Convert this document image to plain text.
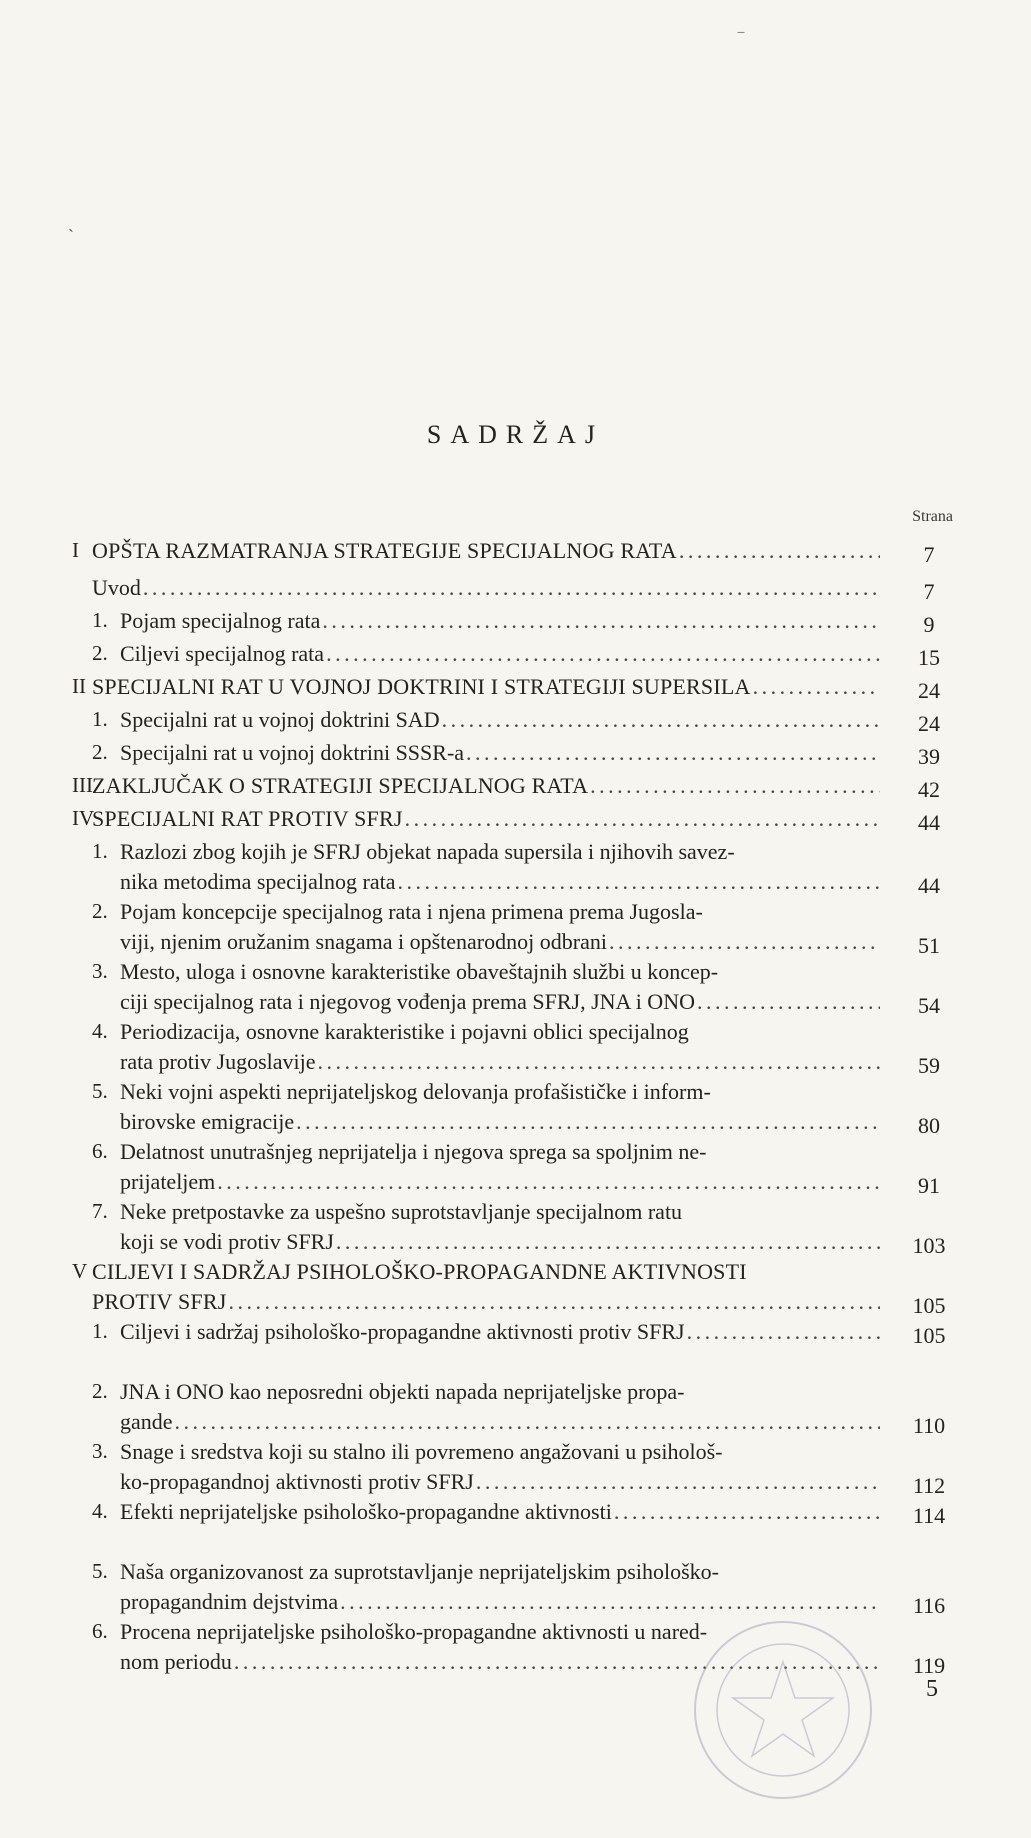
‾
ˏ
SADRŽAJ
Strana
I OPŠTA RAZMATRANJA STRATEGIJE SPECIJALNOG RATA . . .	7
Uvod . . .	7
1. Pojam specijalnog rata . . .	9
2. Ciljevi specijalnog rata . . .	15
II SPECIJALNI RAT U VOJNOJ DOKTRINI I STRATEGIJI SUPERSILA . . .	24
1. Specijalni rat u vojnoj doktrini SAD . . .	24
2. Specijalni rat u vojnoj doktrini SSSR-a . . .	39
III ZAKLJUČAK O STRATEGIJI SPECIJALNOG RATA . . .	42
IV
SPECIJALNI RAT PROTIV SFRJ . . .	44
1. Razlozi zbog kojih je SFRJ objekat napada supersila i njihovih savez-
nika metodima specijalnog rata . . .	44
2. Pojam koncepcije specijalnog rata i njena primena prema Jugosla-
viji, njenim oružanim snagama i opštenarodnoj odbrani . . .	51
3. Mesto, uloga i osnovne karakteristike obaveštajnih službi u koncep-
ciji specijalnog rata i njegovog vođenja prema SFRJ, JNA i ONO . . .	54
4. Periodizacija, osnovne karakteristike i pojavni oblici specijalnog
rata protiv Jugoslavije . . .	59
5. Neki vojni aspekti neprijateljskog delovanja profašističke i inform-
birovske emigracije . . .	80
6. Delatnost unutrašnjeg neprijatelja i njegova sprega sa spoljnim ne-
prijateljem . . .	91
7. Neke pretpostavke za uspešno suprotstavljanje specijalnom ratu
koji se vodi protiv SFRJ . . .	103
V CILJEVI I SADRŽAJ PSIHOLOŠKO-PROPAGANDNE AKTIVNOSTI
PROTIV SFRJ . . .	105
1. Ciljevi i sadržaj psihološko-propagandne aktivnosti protiv SFRJ . . .	105
2. JNA i ONO kao neposredni objekti napada neprijateljske propa-
gande . . .	110
3. Snage i sredstva koji su stalno ili povremeno angažovani u psihološ-
ko-propagandnoj aktivnosti protiv SFRJ . . .	112
4. Efekti neprijateljske psihološko-propagandne aktivnosti . . .	114
5. Naša organizovanost za suprotstavljanje neprijateljskim psihološko-
propagandnim dejstvima . . .	116
6. Procena neprijateljske psihološko-propagandne aktivnosti u nared-
nom periodu . . .	119
5
